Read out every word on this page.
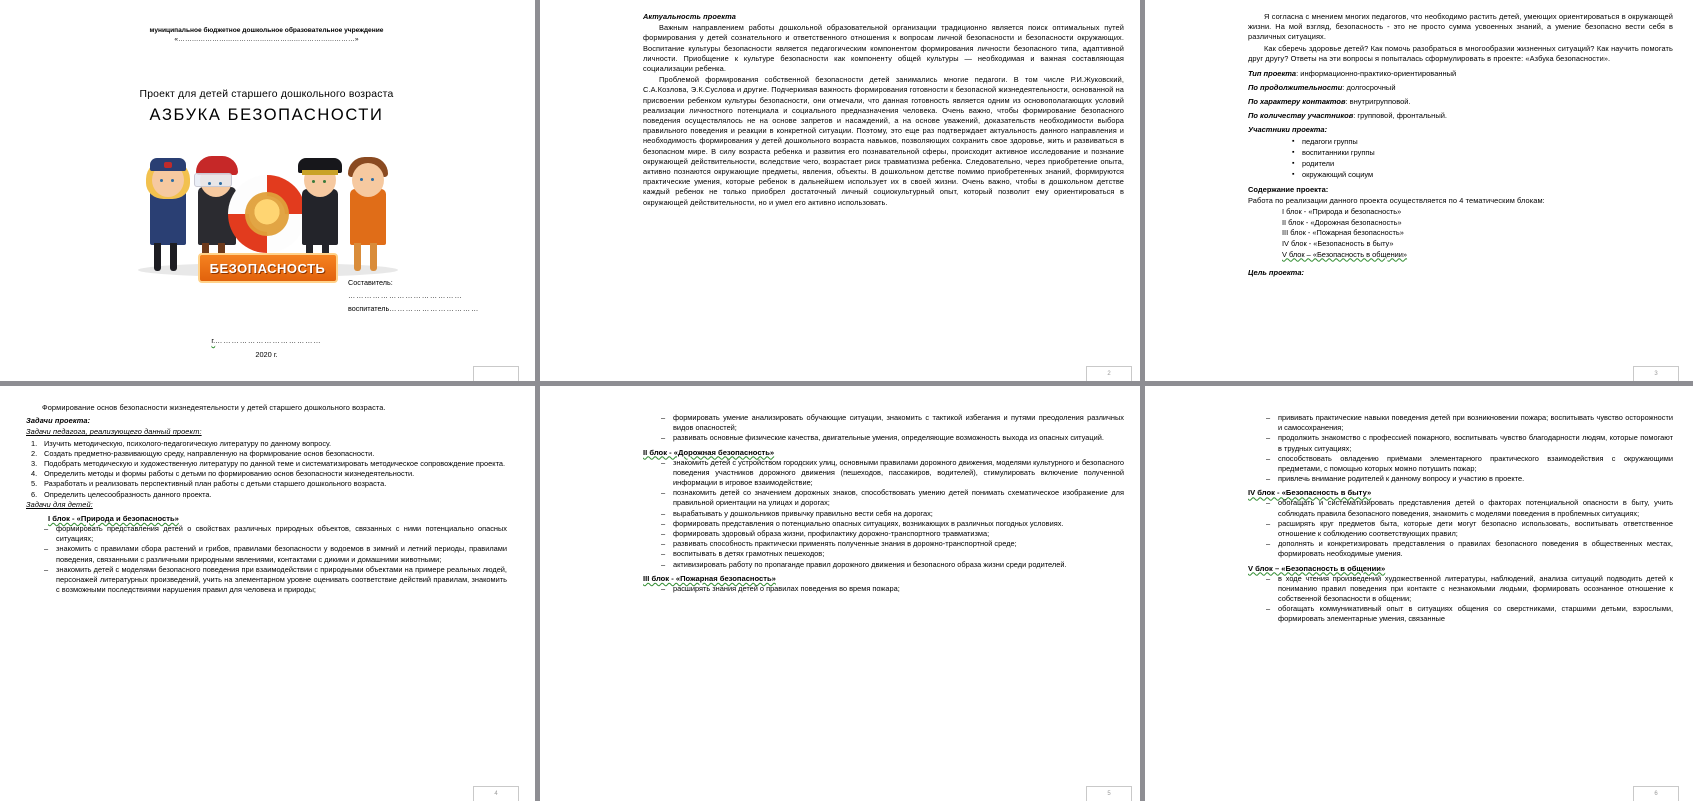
муниципальное бюджетное дошкольное образовательное учреждение
«……………………………………………………………………»
Проект для детей старшего дошкольного возраста
АЗБУКА БЕЗОПАСНОСТИ
БЕЗОПАСНОСТЬ
Составитель:
……………………………………
воспитатель……………………………
г.…………………………………
2020 г.
Актуальность проекта

Важным направлением работы дошкольной образовательной организации традиционно является поиск оптимальных путей формирования у детей сознательного и ответственного отношения к вопросам личной безопасности и безопасности окружающих. Воспитание культуры безопасности является педагогическим компонентом формирования личности безопасного типа, адаптивной личности. Приобщение к культуре безопасности как компоненту общей культуры — необходимая и важная составляющая социализации ребенка.

Проблемой формирования собственной безопасности детей занимались многие педагоги. В том числе Р.И.Жуковский, С.А.Козлова, Э.К.Суслова и другие. Подчеркивая важность формирования готовности к безопасной жизнедеятельности, основанной на присвоении ребенком культуры безопасности, они отмечали, что данная готовность является одним из основополагающих условий реализации личностного потенциала и социального предназначения человека. Очень важно, чтобы формирование безопасного поведения осуществлялось не на основе запретов и насаждений, а на основе уважений, доказательств необходимости выбора правильного поведения и реакции в конкретной ситуации. Поэтому, это еще раз подтверждает актуальность данного направления и необходимость формирования у детей дошкольного возраста навыков, позволяющих сохранить свое здоровье, жить и развиваться в безопасном мире. В силу возраста ребенка и развития его познавательной сферы, происходит активное исследование и познание окружающей действительности, вследствие чего, возрастает риск травматизма ребенка. Следовательно, через приобретение опыта, активно познаются окружающие предметы, явления, объекты. В дошкольном детстве помимо приобретенных знаний, формируются практические умения, которые ребенок в дальнейшем использует их в своей жизни. Очень важно, чтобы в дошкольном детстве каждый ребенок не только приобрел достаточный личный социокультурный опыт, который позволит ему ориентироваться в окружающей действительности, но и умел его активно использовать.

2

Я согласна с мнением многих педагогов, что необходимо растить детей, умеющих ориентироваться в окружающей жизни. На мой взгляд, безопасность - это не просто сумма усвоенных знаний, а умение безопасно вести себя в различных ситуациях.

Как сберечь здоровье детей? Как помочь разобраться в многообразии жизненных ситуаций? Как научить помогать друг другу? Ответы на эти вопросы я попыталась сформулировать в проекте: «Азбука безопасности».

Тип проекта: информационно-практико-ориентированный
По продолжительности: долгосрочный
По характеру контактов: внутригрупповой.
По количеству участников: групповой, фронтальный.
Участники проекта:
▪ педагоги группы
▪ воспитанники группы
▪ родители
▪ окружающий социум
Содержание проекта:
Работа по реализации данного проекта осуществляется по 4 тематическим блокам:
I блок - «Природа и безопасность»
II блок - «Дорожная безопасность»
III блок - «Пожарная безопасность»
IV блок - «Безопасность в быту»
V блок – «Безопасность в общении»
Цель проекта:
3

Формирование основ безопасности жизнедеятельности у детей старшего дошкольного возраста.

Задачи проекта:
Задачи педагога, реализующего данный проект:
1. Изучить методическую, психолого-педагогическую литературу по данному вопросу.
2. Создать предметно-развивающую среду, направленную на формирование основ безопасности.
3. Подобрать методическую и художественную литературу по данной теме и систематизировать методическое сопровождение проекта.
4. Определить методы и формы работы с детьми по формированию основ безопасности жизнедеятельности.
5. Разработать и реализовать перспективный план работы с детьми старшего дошкольного возраста.
6. Определить целесообразность данного проекта.
Задачи для детей:
I блок - «Природа и безопасность»
– формировать представления детей о свойствах различных природных объектов, связанных с ними потенциально опасных ситуациях;
– знакомить с правилами сбора растений и грибов, правилами безопасности у водоемов в зимний и летний периоды, правилами поведения, связанными с различными природными явлениями, контактами с дикими и домашними животными;
– знакомить детей с моделями безопасного поведения при взаимодействии с природными объектами на примере реальных людей, персонажей литературных произведений, учить на элементарном уровне оценивать соответствие действий правилам, знакомить с возможными последствиями нарушения правил для человека и природы;
4
– формировать умение анализировать обучающие ситуации, знакомить с тактикой избегания и путями преодоления различных видов опасностей;
– развивать основные физические качества, двигательные умения, определяющие возможность выхода из опасных ситуаций.
II блок - «Дорожная безопасность»
– знакомить детей с устройством городских улиц, основными правилами дорожного движения, моделями культурного и безопасного поведения участников дорожного движения (пешеходов, пассажиров, водителей), стимулировать включение полученной информации в игровое взаимодействие;
– познакомить детей со значением дорожных знаков, способствовать умению детей понимать схематическое изображение для правильной ориентации на улицах и дорогах;
– вырабатывать у дошкольников привычку правильно вести себя на дорогах;
– формировать представления о потенциально опасных ситуациях, возникающих в различных погодных условиях.
– формировать здоровый образа жизни, профилактику дорожно-транспортного травматизма;
– развивать способность практически применять полученные знания в дорожно-транспортной среде;
– воспитывать в детях грамотных пешеходов;
– активизировать работу по пропаганде правил дорожного движения и безопасного образа жизни среди родителей.
III блок - «Пожарная безопасность»
– расширять знания детей о правилах поведения во время пожара;
5
– прививать практические навыки поведения детей при возникновении пожара; воспитывать чувство осторожности и самосохранения;
– продолжить знакомство с профессией пожарного, воспитывать чувство благодарности людям, которые помогают в трудных ситуациях;
– способствовать овладению приёмами элементарного практического взаимодействия с окружающими предметами, с помощью которых можно потушить пожар;
– привлечь внимание родителей к данному вопросу и участию в проекте.
IV блок - «Безопасность в быту»
– обогащать и систематизировать представления детей о факторах потенциальной опасности в быту, учить соблюдать правила безопасного поведения, знакомить с моделями поведения в проблемных ситуациях;
– расширять круг предметов быта, которые дети могут безопасно использовать, воспитывать ответственное отношение к соблюдению соответствующих правил;
– дополнять и конкретизировать представления о правилах безопасного поведения в общественных местах, формировать необходимые умения.
V блок – «Безопасность в общении»
– в ходе чтения произведений художественной литературы, наблюдений, анализа ситуаций подводить детей к пониманию правил поведения при контакте с незнакомыми людьми, формировать осознанное отношение к собственной безопасности в общении;
– обогащать коммуникативный опыт в ситуациях общения со сверстниками, старшими детьми, взрослыми, формировать элементарные умения, связанные
6
